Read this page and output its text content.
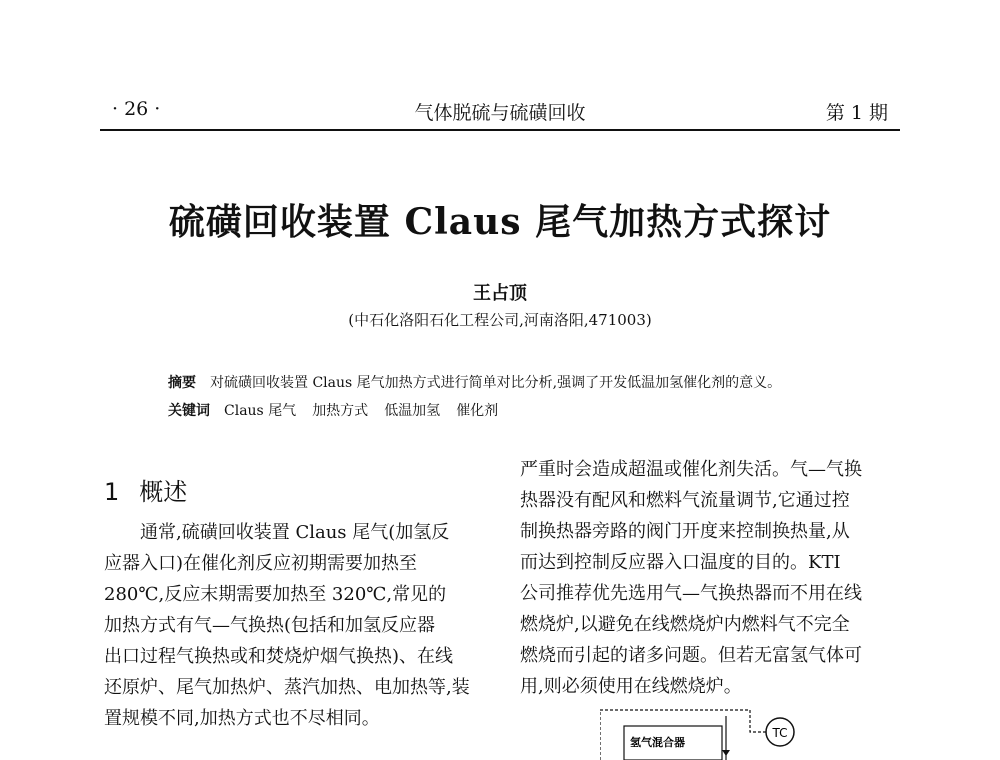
· 26 ·	气体脱硫与硫磺回收	第 1 期
硫磺回收装置 Claus 尾气加热方式探讨
王占顶
(中石化洛阳石化工程公司,河南洛阳,471003)
摘要 对硫磺回收装置 Claus 尾气加热方式进行简单对比分析,强调了开发低温加氢催化剂的意义。
关键词 Claus 尾气 加热方式 低温加氢 催化剂
1 概述
　　通常,硫磺回收装置 Claus 尾气(加氢反
应器入口)在催化剂反应初期需要加热至
280℃,反应末期需要加热至 320℃,常见的
加热方式有气—气换热(包括和加氢反应器
出口过程气换热或和焚烧炉烟气换热)、在线
还原炉、尾气加热炉、蒸汽加热、电加热等,装
置规模不同,加热方式也不尽相同。
严重时会造成超温或催化剂失活。气—气换
热器没有配风和燃料气流量调节,它通过控
制换热器旁路的阀门开度来控制换热量,从
而达到控制反应器入口温度的目的。KTI
公司推荐优先选用气—气换热器而不用在线
燃烧炉,以避免在线燃烧炉内燃料气不完全
燃烧而引起的诸多问题。但若无富氢气体可
用,则必须使用在线燃烧炉。
TC
氢气混合器
